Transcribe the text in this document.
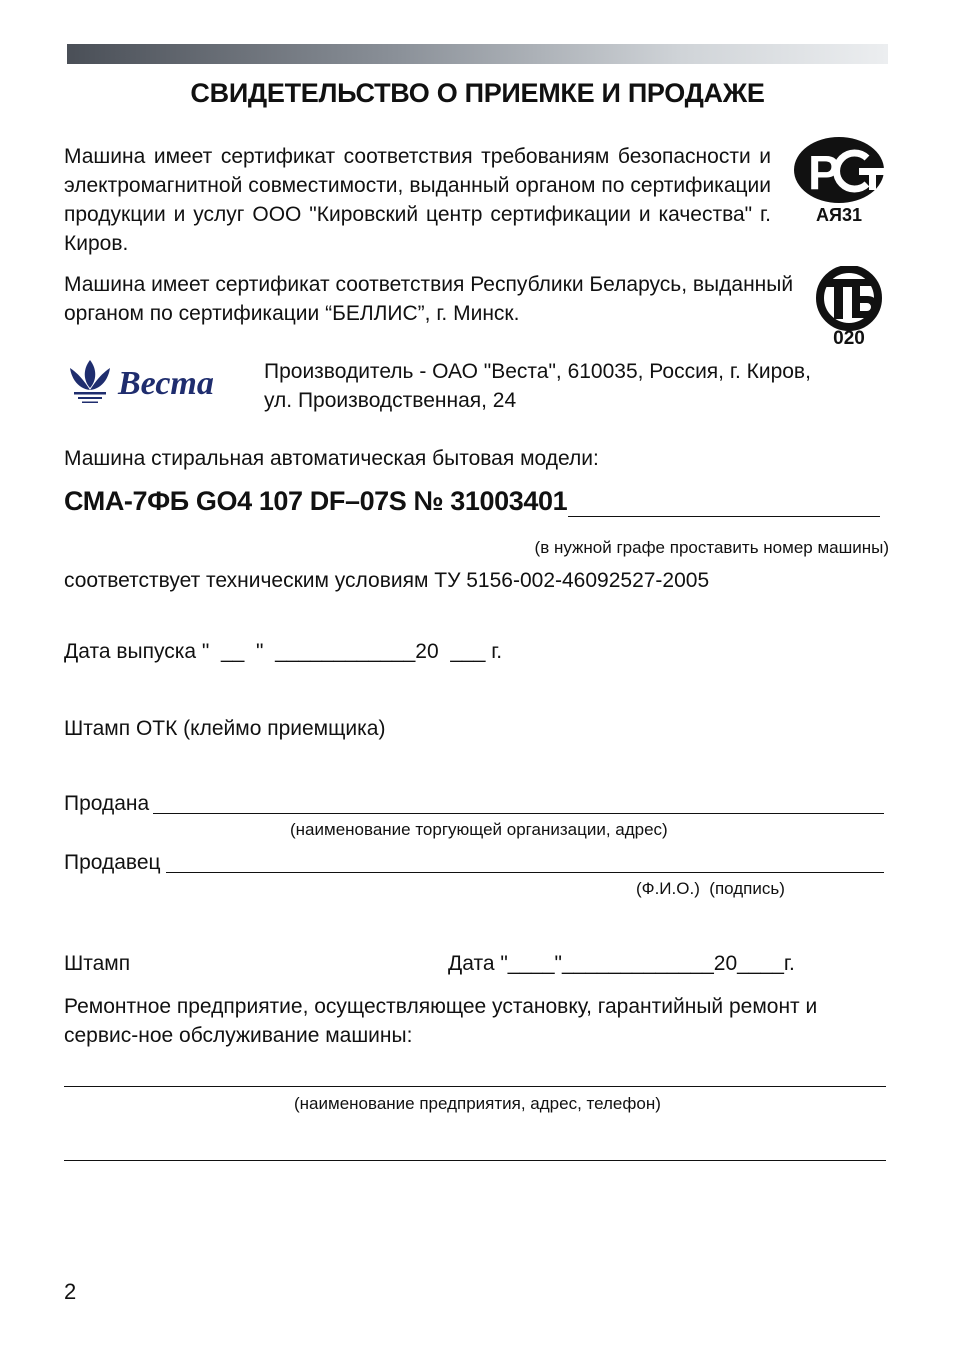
СВИДЕТЕЛЬСТВО О ПРИЕМКЕ И ПРОДАЖЕ
Машина имеет сертификат соответствия требованиям безопасности и электромагнитной совместимости, выданный органом по сертификации продукции и услуг ООО "Кировский центр сертификации и качества" г. Киров.
P
АЯ31
Машина имеет сертификат соответствия Республики Беларусь, выданный органом по сертификации “БЕЛЛИС”, г. Минск.
020
Веста Производитель - ОАО "Веста", 610035, Россия, г. Киров,
ул. Производственная, 24
Машина стиральная автоматическая бытовая модели:
СМА-7ФБ GO4 107 DF–07S № 31003401
(в нужной графе проставить номер машины)
соответствует техническим условиям ТУ 5156-002-46092527-2005
Дата выпуска "  __  "  ____________20  ___ г.
Штамп ОТК (клеймо приемщика)
Продана
(наименование торгующей организации, адрес)
Продавец
(Ф.И.О.)  (подпись)
Штамп	Дата "____"_____________20____г.
Ремонтное предприятие, осуществляющее установку, гарантийный ремонт и сервис-ное обслуживание машины:
(наименование предприятия, адрес, телефон)
2
